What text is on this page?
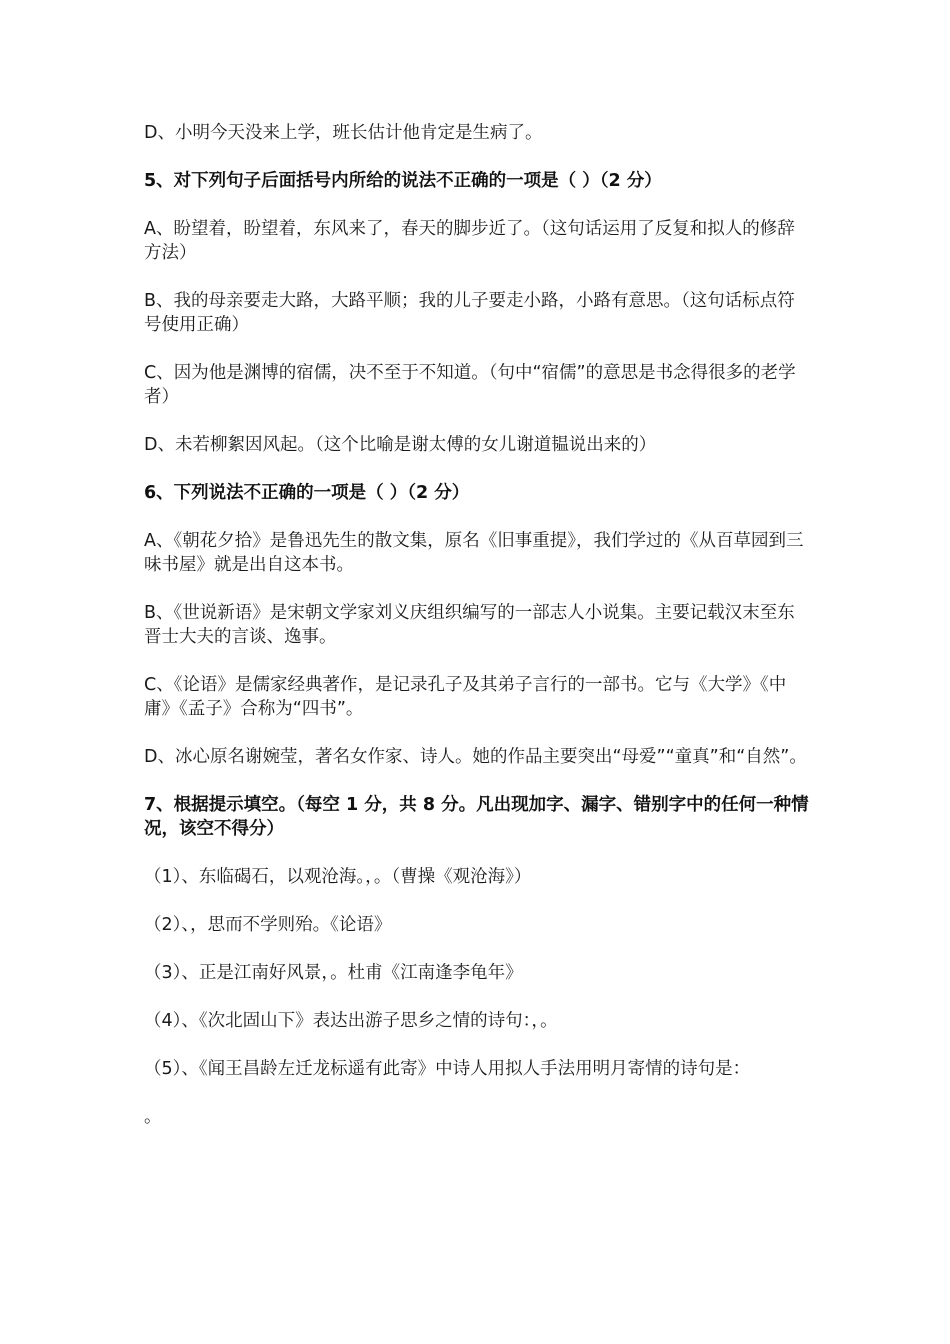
D、小明今天没来上学，班长估计他肯定是生病了。

5、对下列句子后面括号内所给的说法不正确的一项是（ ）（2 分）

A、盼望着，盼望着，东风来了，春天的脚步近了。（这句话运用了反复和拟人的修辞方法）

B、我的母亲要走大路，大路平顺；我的儿子要走小路，小路有意思。（这句话标点符号使用正确）

C、因为他是渊博的宿儒，决不至于不知道。（句中“宿儒”的意思是书念得很多的老学者）

D、未若柳絮因风起。（这个比喻是谢太傅的女儿谢道韫说出来的）

6、下列说法不正确的一项是（ ）（2 分）

A、《朝花夕拾》是鲁迅先生的散文集，原名《旧事重提》，我们学过的《从百草园到三味书屋》就是出自这本书。

B、《世说新语》是宋朝文学家刘义庆组织编写的一部志人小说集。主要记载汉末至东晋士大夫的言谈、逸事。

C、《论语》是儒家经典著作，是记录孔子及其弟子言行的一部书。它与《大学》《中庸》《孟子》合称为“四书”。

D、冰心原名谢婉莹，著名女作家、诗人。她的作品主要突出“母爱”“童真”和“自然”。

7、根据提示填空。（每空 1 分，共 8 分。凡出现加字、漏字、错别字中的任何一种情况，该空不得分）

（1）、东临碣石，以观沧海。，。（曹操《观沧海》）

（2）、，思而不学则殆。《论语》

（3）、正是江南好风景，。杜甫《江南逢李龟年》

（4）、《次北固山下》表达出游子思乡之情的诗句：，。

（5）、《闻王昌龄左迁龙标遥有此寄》中诗人用拟人手法用明月寄情的诗句是：

。
